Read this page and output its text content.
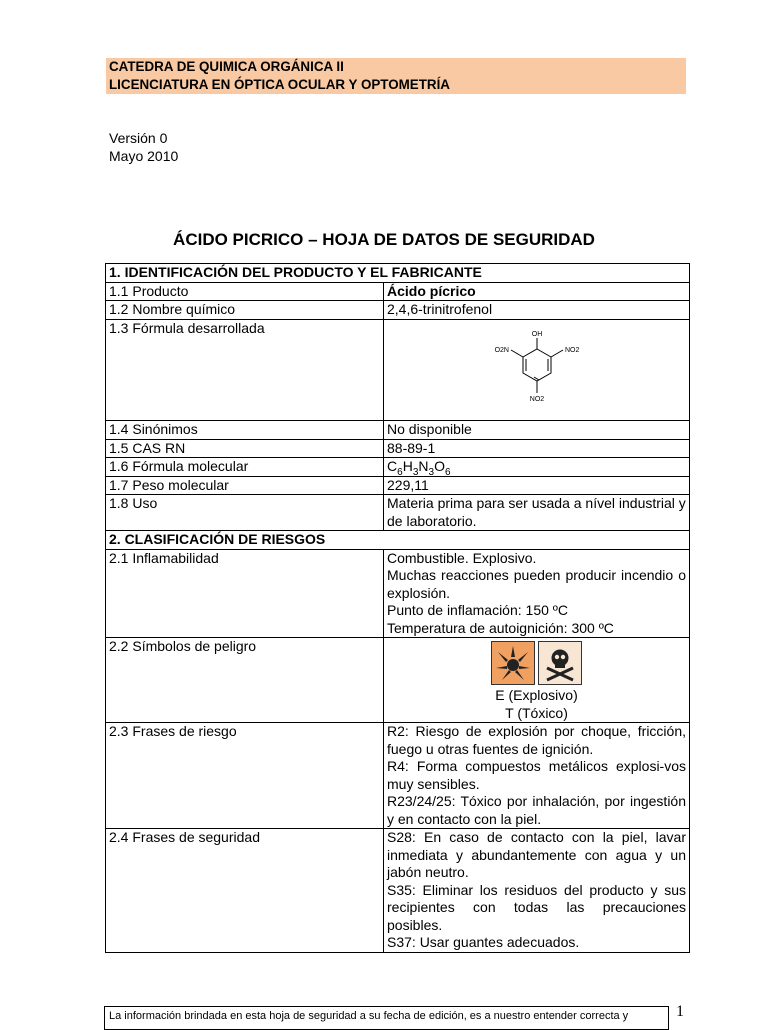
CATEDRA DE QUIMICA ORGÁNICA II
LICENCIATURA EN ÓPTICA OCULAR Y OPTOMETRÍA
Versión 0
Mayo 2010
ÁCIDO PICRICO – HOJA DE DATOS DE SEGURIDAD
1. IDENTIFICACIÓN DEL PRODUCTO Y EL FABRICANTE	
1.1 Producto	Ácido pícrico
1.2 Nombre químico	2,4,6-trinitrofenol
1.3 Fórmula desarrollada	OH
O2N NO2
NO2

1.4 Sinónimos	No disponible
1.5 CAS RN	88-89-1
1.6 Fórmula molecular	$C_6H_3N_3O_6$
1.7 Peso molecular	229,11
1.8 Uso	Materia prima para ser usada a nível industrial y de laboratorio.
2. CLASIFICACIÓN DE RIESGOS	
2.1 Inflamabilidad	Combustible. Explosivo.
Muchas reacciones pueden producir incendio o explosión.
Punto de inflamación: 150 ºC
Temperatura de autoignición: 300 ºC

2.2 Símbolos de peligro	E (Explosivo)
T (Tóxico)

2.3 Frases de riesgo	R2: Riesgo de explosión por choque, fricción, fuego u otras fuentes de ignición.
R4: Forma compuestos metálicos explosi-vos muy sensibles.
R23/24/25: Tóxico por inhalación, por ingestión y en contacto con la piel.

2.4 Frases de seguridad	S28: En caso de contacto con la piel, lavar inmediata y abundantemente con agua y un jabón neutro.
S35: Eliminar los residuos del producto y sus recipientes con todas las precauciones posibles.
S37: Usar guantes adecuados.
La información brindada en esta hoja de seguridad a su fecha de edición, es a nuestro entender correcta y	1
